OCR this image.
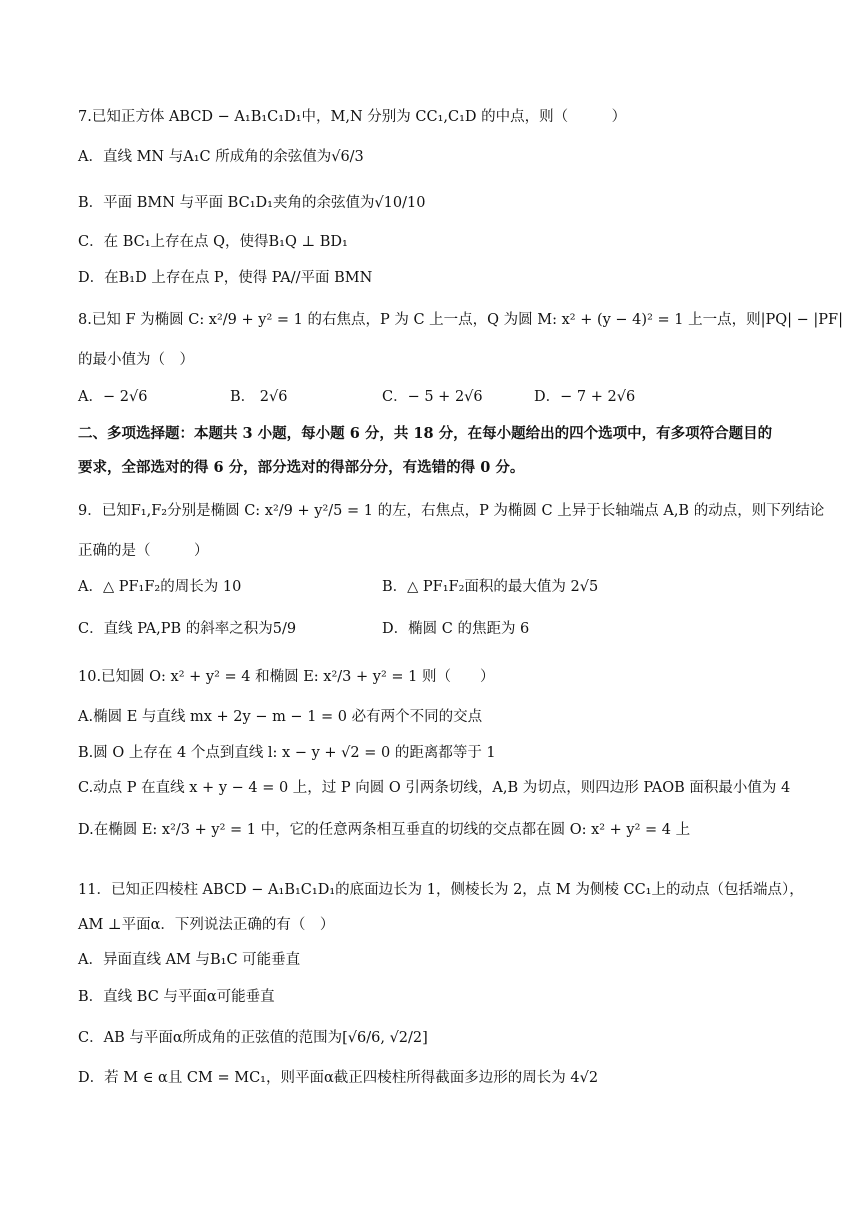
7.已知正方体 ABCD − A₁B₁C₁D₁中，M,N 分别为 CC₁,C₁D 的中点，则（　　　）
A．直线 MN 与A₁C 所成角的余弦值为√6/3
B．平面 BMN 与平面 BC₁D₁夹角的余弦值为√10/10
C．在 BC₁上存在点 Q，使得B₁Q ⊥ BD₁
D．在B₁D 上存在点 P，使得 PA//平面 BMN
8.已知 F 为椭圆 C: x²/9 + y² = 1 的右焦点，P 为 C 上一点，Q 为圆 M: x² + (y − 4)² = 1 上一点，则|PQ| − |PF|
的最小值为（　）
A．− 2√6	B． 2√6	C．− 5 + 2√6	D．− 7 + 2√6
二、多项选择题：本题共 3 小题，每小题 6 分，共 18 分，在每小题给出的四个选项中，有多项符合题目的
要求，全部选对的得 6 分，部分选对的得部分分，有选错的得 0 分。
9．已知F₁,F₂分别是椭圆 C: x²/9 + y²/5 = 1 的左，右焦点，P 为椭圆 C 上异于长轴端点 A,B 的动点，则下列结论
正确的是（　　　）
A．△ PF₁F₂的周长为 10	B．△ PF₁F₂面积的最大值为 2√5
C．直线 PA,PB 的斜率之积为5/9	D．椭圆 C 的焦距为 6
10.已知圆 O: x² + y² = 4 和椭圆 E: x²/3 + y² = 1 则（　　）
A.椭圆 E 与直线 mx + 2y − m − 1 = 0 必有两个不同的交点
B.圆 O 上存在 4 个点到直线 l: x − y + √2 = 0 的距离都等于 1
C.动点 P 在直线 x + y − 4 = 0 上，过 P 向圆 O 引两条切线，A,B 为切点，则四边形 PAOB 面积最小值为 4
D.在椭圆 E: x²/3 + y² = 1 中，它的任意两条相互垂直的切线的交点都在圆 O: x² + y² = 4 上
11．已知正四棱柱 ABCD − A₁B₁C₁D₁的底面边长为 1，侧棱长为 2，点 M 为侧棱 CC₁上的动点（包括端点），
AM ⊥平面α．下列说法正确的有（　）
A．异面直线 AM 与B₁C 可能垂直
B．直线 BC 与平面α可能垂直
C．AB 与平面α所成角的正弦值的范围为[√6/6, √2/2]
D．若 M ∈ α且 CM = MC₁，则平面α截正四棱柱所得截面多边形的周长为 4√2
